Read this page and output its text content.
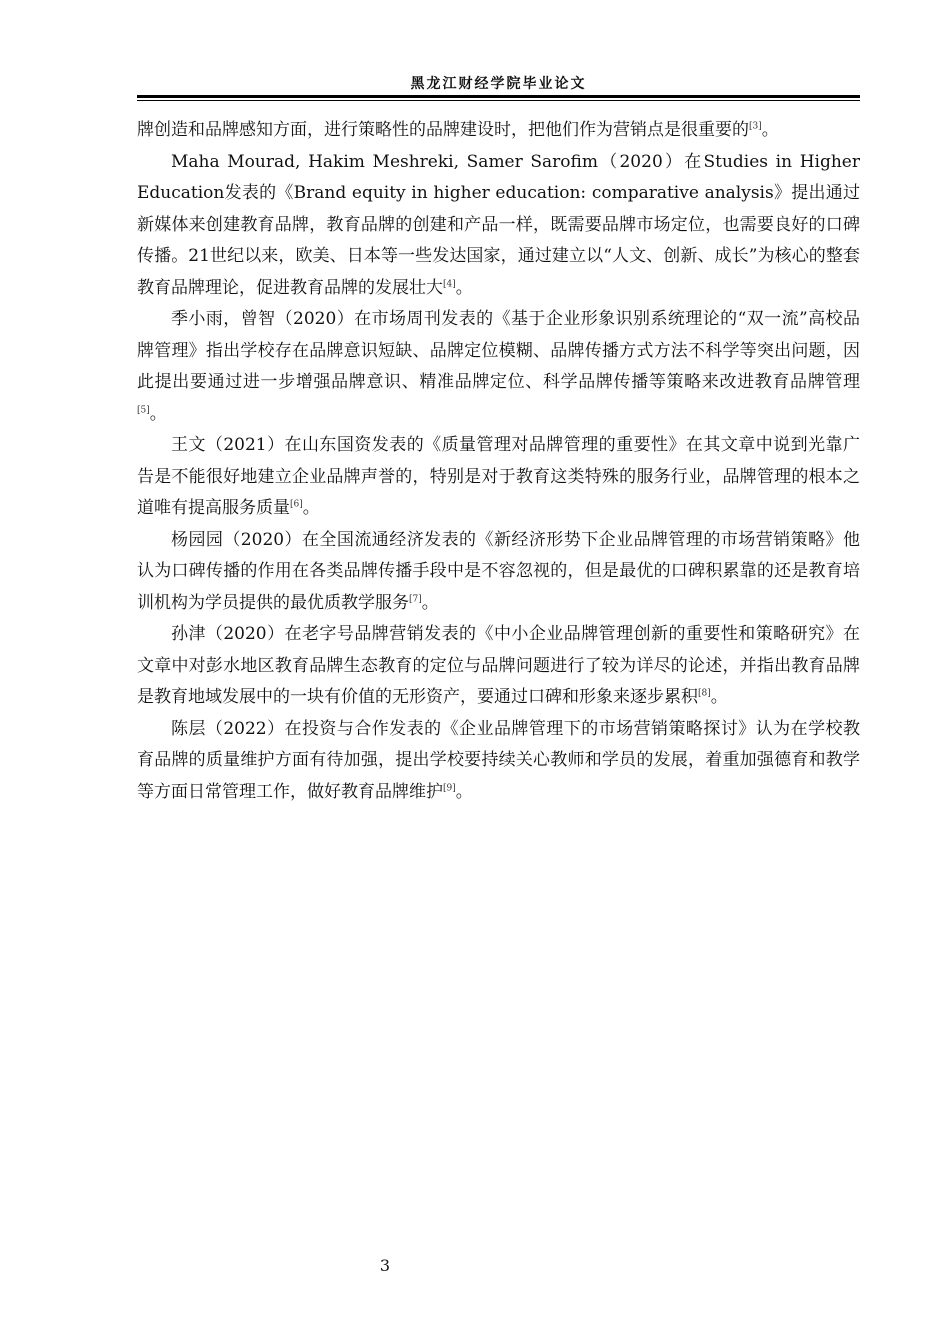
黑龙江财经学院毕业论文

牌创造和品牌感知方面，进行策略性的品牌建设时，把他们作为营销点是很重要的[3]。

Maha Mourad, Hakim Meshreki, Samer Sarofim（2020）在Studies in Higher Education发表的《Brand equity in higher education: comparative analysis》提出通过新媒体来创建教育品牌，教育品牌的创建和产品一样，既需要品牌市场定位，也需要良好的口碑传播。21世纪以来，欧美、日本等一些发达国家，通过建立以“人文、创新、成长”为核心的整套教育品牌理论，促进教育品牌的发展壮大[4]。

季小雨，曾智（2020）在市场周刊发表的《基于企业形象识别系统理论的“双一流”高校品牌管理》指出学校存在品牌意识短缺、品牌定位模糊、品牌传播方式方法不科学等突出问题，因此提出要通过进一步增强品牌意识、精准品牌定位、科学品牌传播等策略来改进教育品牌管理[5]。

王文（2021）在山东国资发表的《质量管理对品牌管理的重要性》在其文章中说到光靠广告是不能很好地建立企业品牌声誉的，特别是对于教育这类特殊的服务行业，品牌管理的根本之道唯有提高服务质量[6]。

杨园园（2020）在全国流通经济发表的《新经济形势下企业品牌管理的市场营销策略》他认为口碑传播的作用在各类品牌传播手段中是不容忽视的，但是最优的口碑积累靠的还是教育培训机构为学员提供的最优质教学服务[7]。

孙津（2020）在老字号品牌营销发表的《中小企业品牌管理创新的重要性和策略研究》在文章中对彭水地区教育品牌生态教育的定位与品牌问题进行了较为详尽的论述，并指出教育品牌是教育地域发展中的一块有价值的无形资产，要通过口碑和形象来逐步累积[8]。

陈层（2022）在投资与合作发表的《企业品牌管理下的市场营销策略探讨》认为在学校教育品牌的质量维护方面有待加强，提出学校要持续关心教师和学员的发展，着重加强德育和教学等方面日常管理工作，做好教育品牌维护[9]。

3
